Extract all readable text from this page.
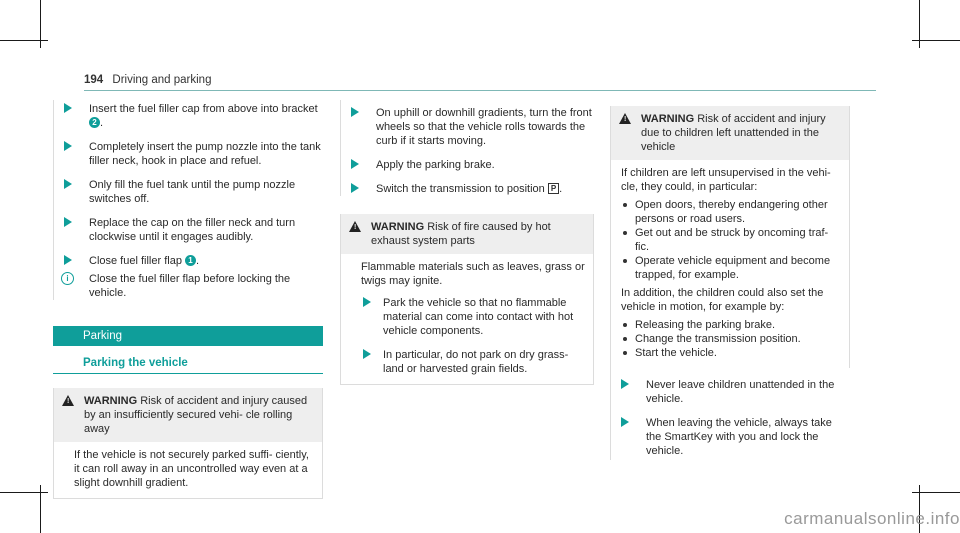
194 Driving and parking
Insert the fuel filler cap from above into bracket 2 .
Completely insert the pump nozzle into the tank filler neck, hook in place and refuel.
Only fill the fuel tank until the pump nozzle switches off.
Replace the cap on the filler neck and turn clockwise until it engages audibly.
Close fuel filler flap 1 .
i	Close the fuel filler flap before locking the vehicle.
Parking
Parking the vehicle
! WARNING Risk of accident and injury caused by an insufficiently secured vehi- cle rolling away
If the vehicle is not securely parked suffi- ciently, it can roll away in an uncontrolled way even at a slight downhill gradient.
On uphill or downhill gradients, turn the front wheels so that the vehicle rolls towards the curb if it starts moving.
Apply the parking brake.
Switch the transmission to position P .
! WARNING Risk of fire caused by hot exhaust system parts
Flammable materials such as leaves, grass or twigs may ignite.
Park the vehicle so that no flammable material can come into contact with hot vehicle components.
In particular, do not park on dry grass- land or harvested grain fields.
! WARNING Risk of accident and injury due to children left unattended in the vehicle
If children are left unsupervised in the vehi- cle, they could, in particular:
Open doors, thereby endangering other persons or road users.
Get out and be struck by oncoming traf- fic.
Operate vehicle equipment and become trapped, for example.
In addition, the children could also set the vehicle in motion, for example by:
Releasing the parking brake.
Change the transmission position.
Start the vehicle.
Never leave children unattended in the vehicle.
When leaving the vehicle, always take the SmartKey with you and lock the vehicle.
carmanualsonline.info
